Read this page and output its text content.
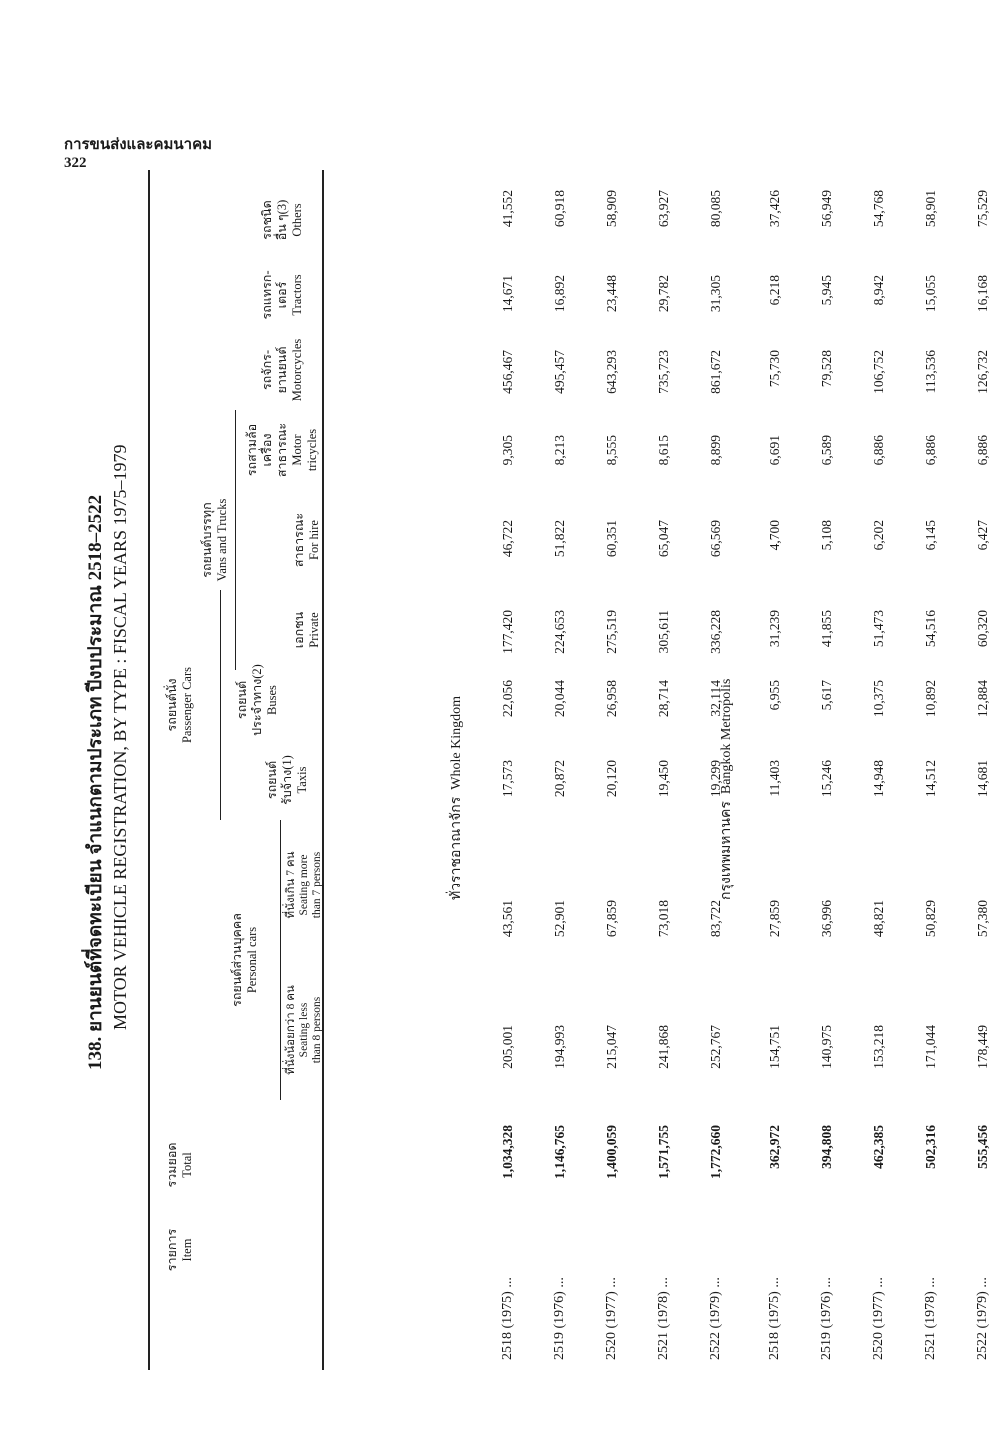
การขนส่งและคมนาคม
322
138. ยานยนต์ที่จดทะเบียน จำแนกตามประเภท ปีงบประมาณ 2518–2522 MOTOR VEHICLE REGISTRATION, BY TYPE : FISCAL YEARS 1975–1979
รายการ Item
รวมยอด Total
รถยนต์นั่ง Passenger Cars
รถยนต์ส่วนบุคคล Personal cars
ที่นั่งน้อยกว่า 8 คน Seating less than 8 persons
ที่นั่งเกิน 7 คน Seating more than 7 persons
รถยนต์ รับจ้าง(1) Taxis
รถยนต์ ประจำทาง(2) Buses
รถยนต์บรรทุก Vans and Trucks
เอกชน Private
สาธารณะ For hire
รถสามล้อ เครื่อง สาธารณะ Motor tricycles
รถจักร- ยานยนต์ Motorcycles
รถแทรก- เตอร์ Tractors
รถชนิด อื่น ๆ(3) Others
ทั่วราชอาณาจักร  Whole Kingdom
กรุงเทพมหานคร  Bangkok Metropolis
2518 (1975) ...
1,034,328
205,001
43,561
17,573
22,056
177,420
46,722
9,305
456,467
14,671
41,552
2519 (1976) ...
1,146,765
194,993
52,901
20,872
20,044
224,653
51,822
8,213
495,457
16,892
60,918
2520 (1977) ...
1,400,059
215,047
67,859
20,120
26,958
275,519
60,351
8,555
643,293
23,448
58,909
2521 (1978) ...
1,571,755
241,868
73,018
19,450
28,714
305,611
65,047
8,615
735,723
29,782
63,927
2522 (1979) ...
1,772,660
252,767
83,722
19,299
32,114
336,228
66,569
8,899
861,672
31,305
80,085
2518 (1975) ...
362,972
154,751
27,859
11,403
6,955
31,239
4,700
6,691
75,730
6,218
37,426
2519 (1976) ...
394,808
140,975
36,996
15,246
5,617
41,855
5,108
6,589
79,528
5,945
56,949
2520 (1977) ...
462,385
153,218
48,821
14,948
10,375
51,473
6,202
6,886
106,752
8,942
54,768
2521 (1978) ...
502,316
171,044
50,829
14,512
10,892
54,516
6,145
6,886
113,536
15,055
58,901
2522 (1979) ...
555,456
178,449
57,380
14,681
12,884
60,320
6,427
6,886
126,732
16,168
75,529
